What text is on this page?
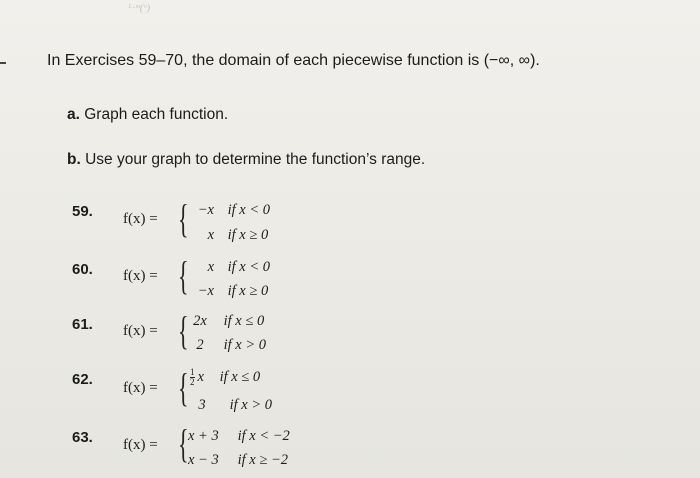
ᴸ·ᵐ(ᵛ)
In Exercises 59–70, the domain of each piecewise function is (−∞, ∞).
a. Graph each function.
b. Use your graph to determine the function’s range.
59. f(x) = { −x if x < 0
x if x ≥ 0
60. f(x) = {	x if x < 0
−x if x ≥ 0
61. f(x) = { 2x if x ≤ 0
2 if x > 0
62. f(x) = { $\frac{1}{2}$ x if x ≤ 0
3 if x > 0
63. f(x) = { x + 3 if x < −2
x − 3 if x ≥ −2
